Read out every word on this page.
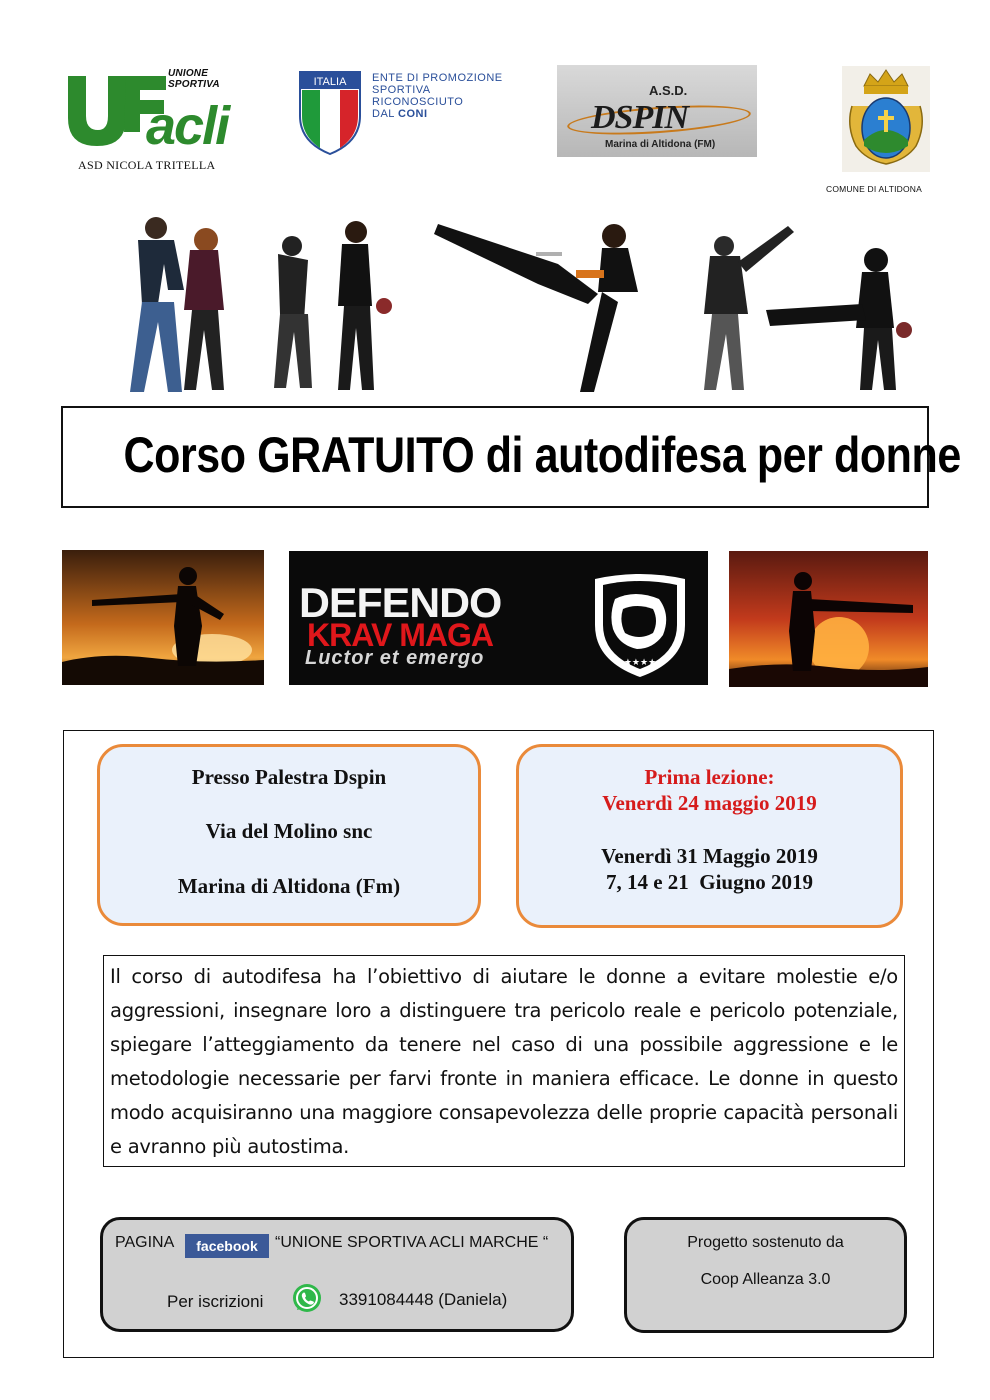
acli
UNIONE SPORTIVA
ASD NICOLA TRITELLA
ITALIA ENTE DI PROMOZIONE
SPORTIVA
RICONOSCIUTO
DAL CONI
A.S.D.
DSPIN
Marina di Altidona (FM)
COMUNE DI ALTIDONA
Corso GRATUITO di autodifesa per donne
DEFENDO
KRAV MAGA
Luctor et emergo	★★★★
Presso Palestra Dspin
Via del Molino snc
Marina di Altidona (Fm)
Prima lezione:
Venerdì 24 maggio 2019
Venerdì 31 Maggio 2019
7, 14 e 21  Giugno 2019
Il corso di autodifesa ha l’obiettivo di aiutare le donne a evitare molestie e/o aggressioni, insegnare loro a distinguere tra pericolo reale e pericolo potenziale, spiegare l’atteggiamento da tenere nel caso di una possibile aggressione e le metodologie necessarie per farvi fronte in maniera efficace. Le donne in questo modo acquisiranno una maggiore consapevolezza delle proprie capacità personali e avranno più autostima.
PAGINA	facebook	“UNIONE SPORTIVA ACLI MARCHE “
Per iscrizioni	3391084448 (Daniela)
Progetto sostenuto da
Coop Alleanza 3.0
